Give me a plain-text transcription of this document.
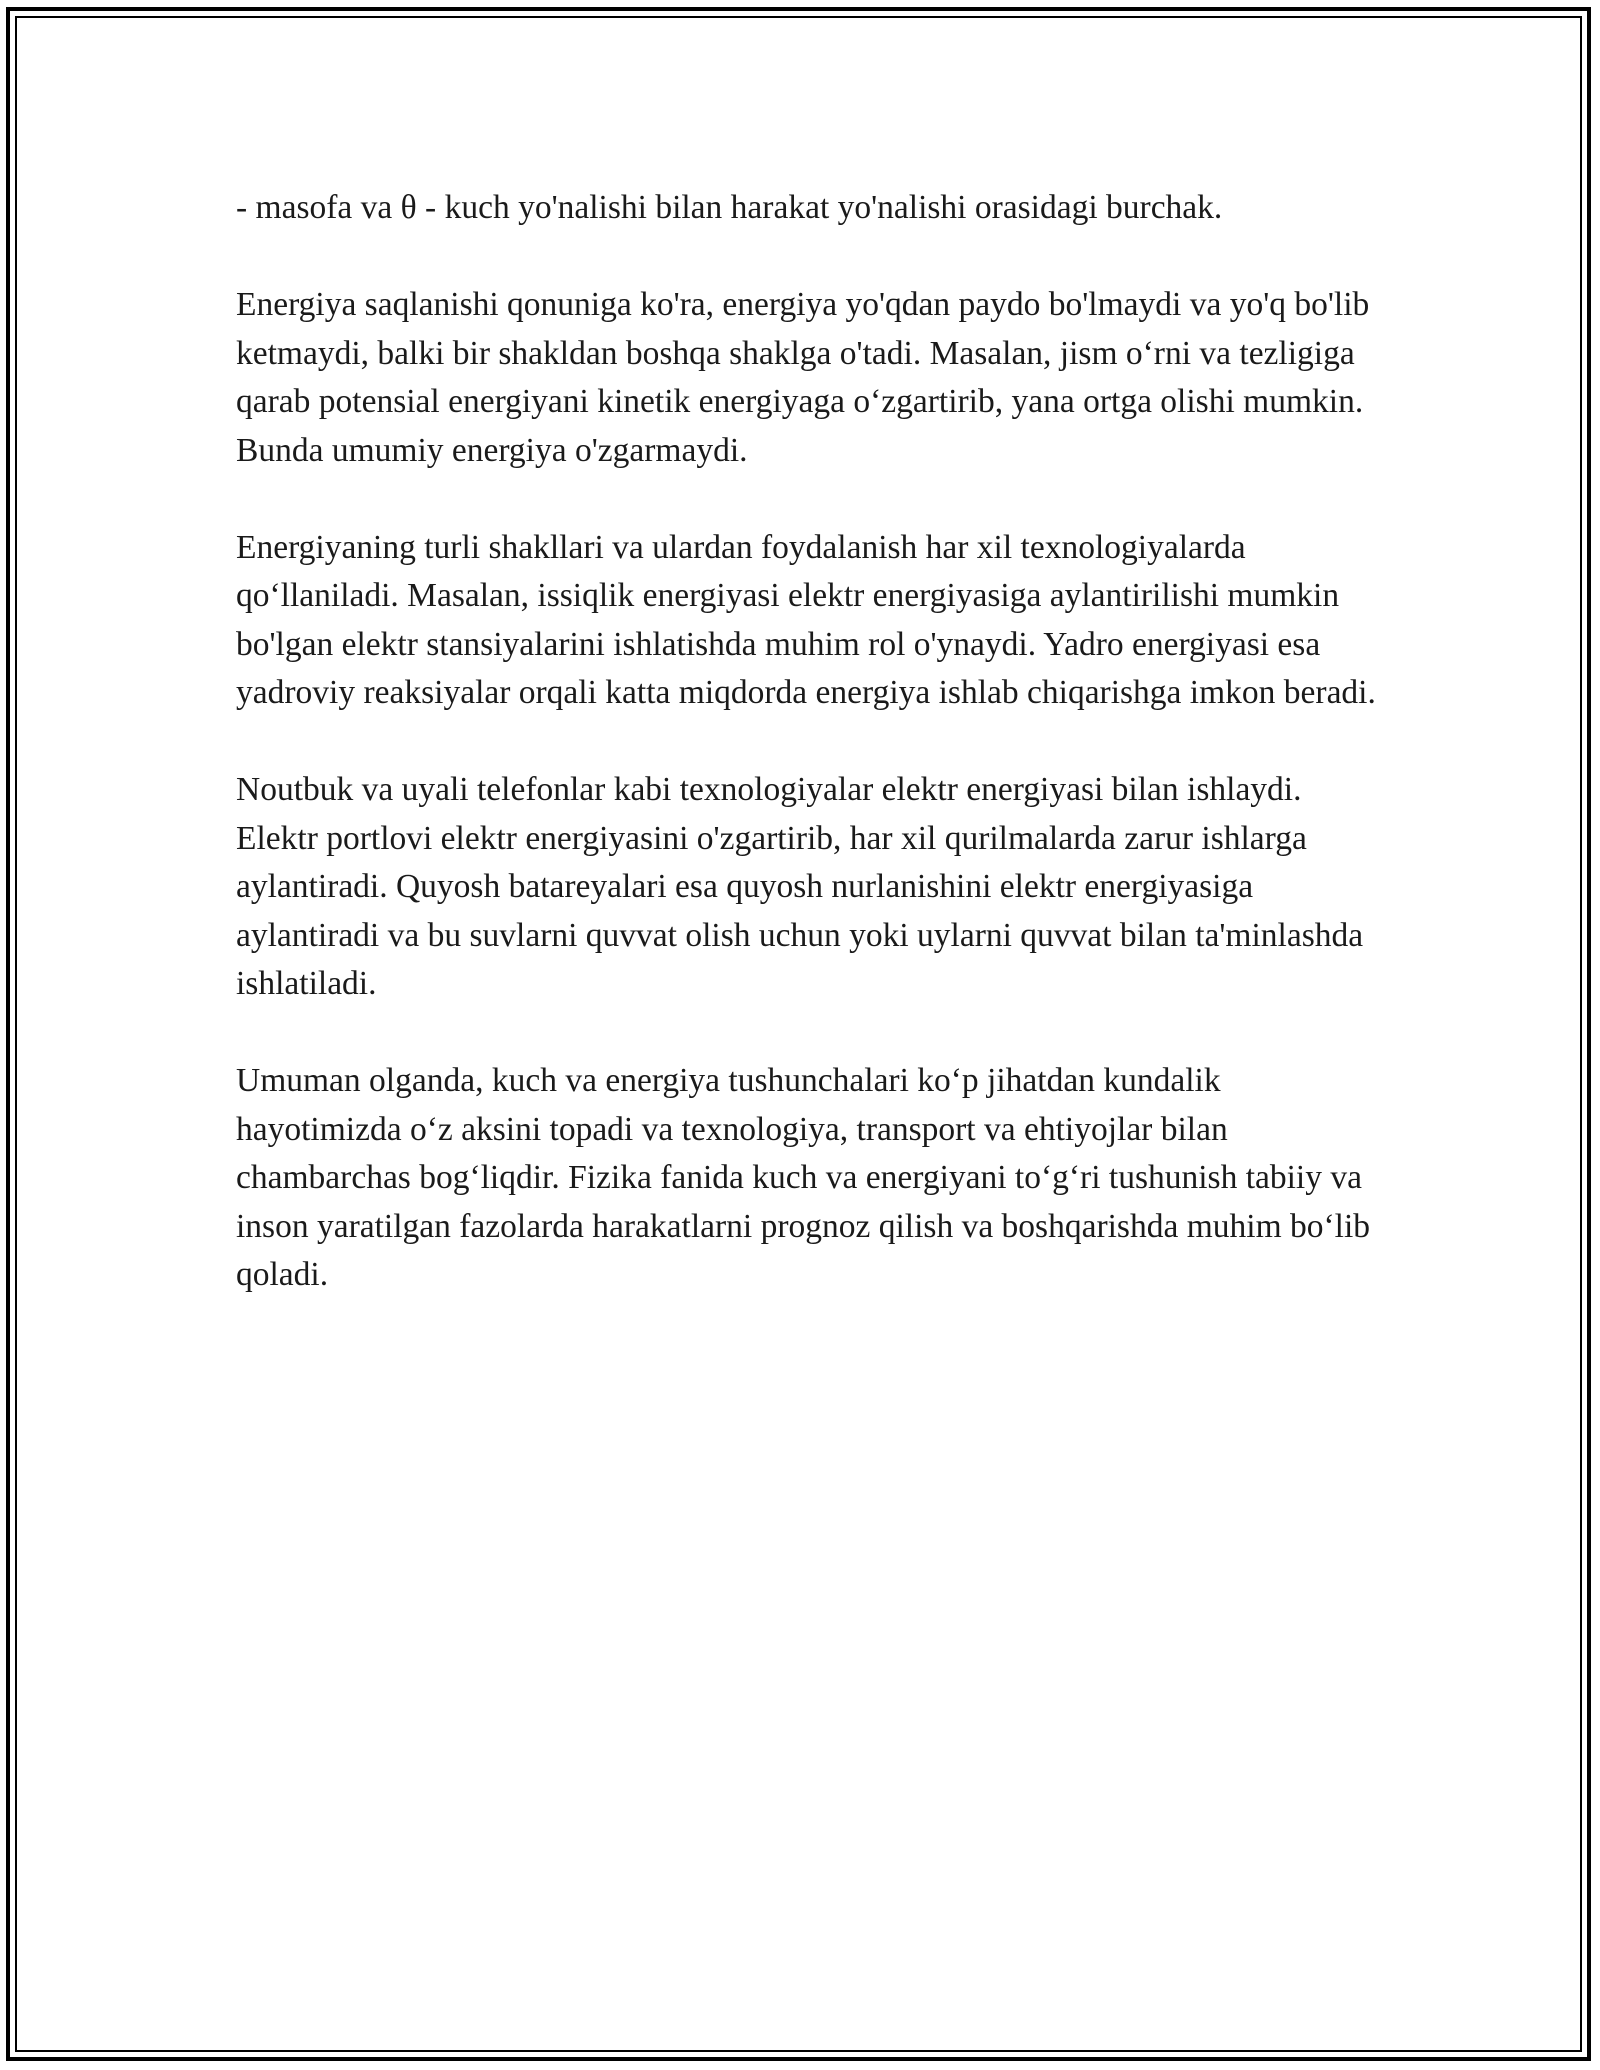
- masofa va θ - kuch yo'nalishi bilan harakat yo'nalishi orasidagi burchak.

Energiya saqlanishi qonuniga ko'ra, energiya yo'qdan paydo bo'lmaydi va yo'q bo'lib ketmaydi, balki bir shakldan boshqa shaklga o'tadi. Masalan, jism oʻrni va tezligiga qarab potensial energiyani kinetik energiyaga oʻzgartirib, yana ortga olishi mumkin. Bunda umumiy energiya o'zgarmaydi.

Energiyaning turli shakllari va ulardan foydalanish har xil texnologiyalarda qoʻllaniladi. Masalan, issiqlik energiyasi elektr energiyasiga aylantirilishi mumkin bo'lgan elektr stansiyalarini ishlatishda muhim rol o'ynaydi. Yadro energiyasi esa yadroviy reaksiyalar orqali katta miqdorda energiya ishlab chiqarishga imkon beradi.

Noutbuk va uyali telefonlar kabi texnologiyalar elektr energiyasi bilan ishlaydi. Elektr portlovi elektr energiyasini o'zgartirib, har xil qurilmalarda zarur ishlarga aylantiradi. Quyosh batareyalari esa quyosh nurlanishini elektr energiyasiga aylantiradi va bu suvlarni quvvat olish uchun yoki uylarni quvvat bilan ta'minlashda ishlatiladi.

Umuman olganda, kuch va energiya tushunchalari koʻp jihatdan kundalik hayotimizda oʻz aksini topadi va texnologiya, transport va ehtiyojlar bilan chambarchas bogʻliqdir. Fizika fanida kuch va energiyani toʻgʻri tushunish tabiiy va inson yaratilgan fazolarda harakatlarni prognoz qilish va boshqarishda muhim boʻlib qoladi.
